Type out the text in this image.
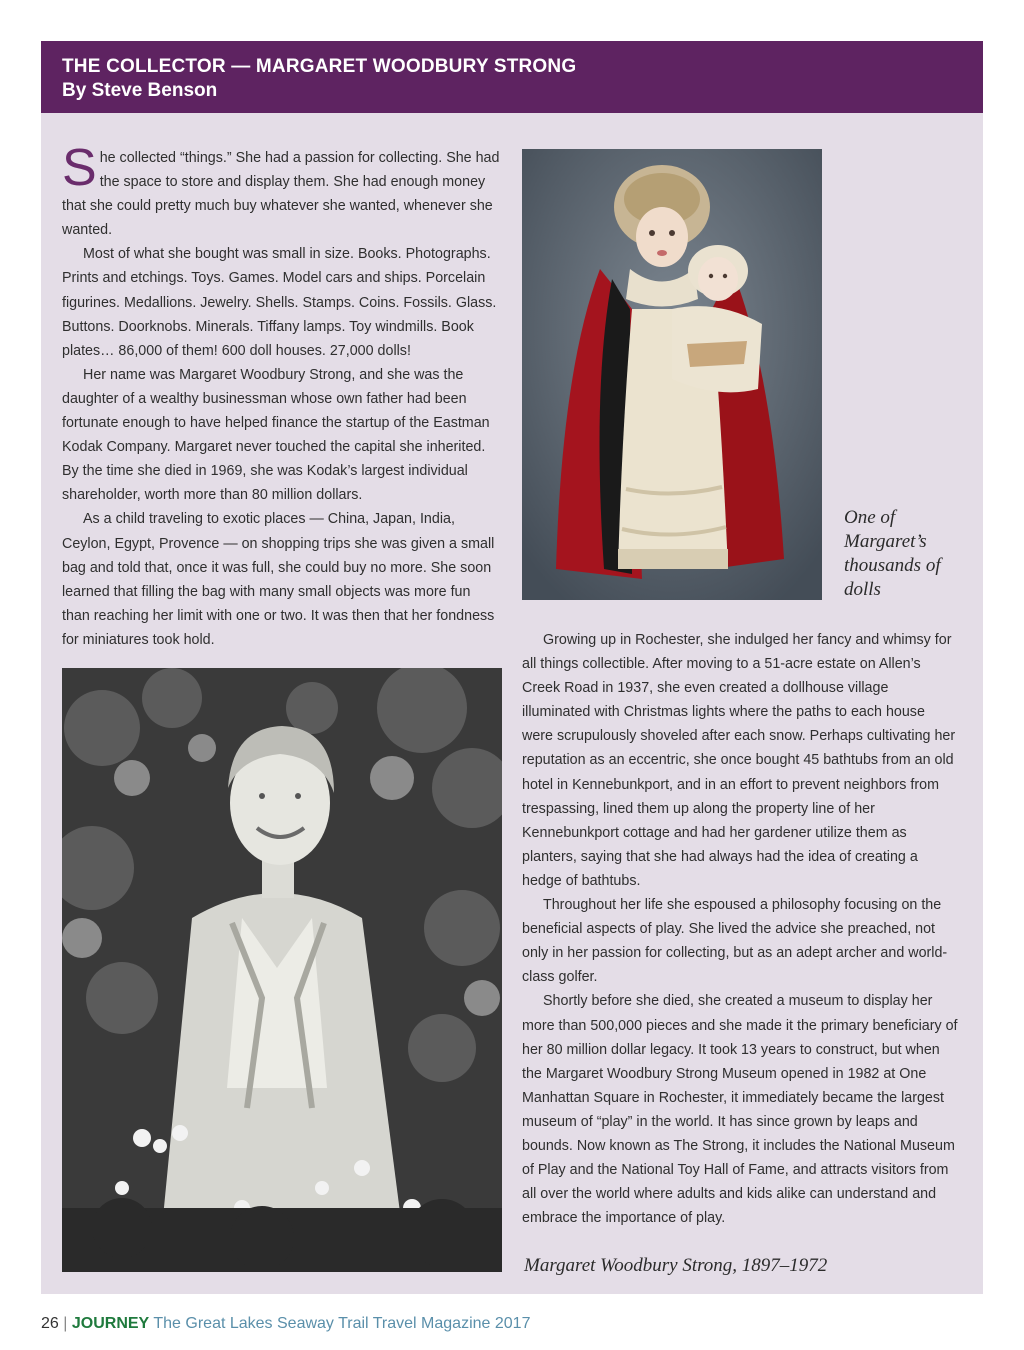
THE COLLECTOR — MARGARET WOODBURY STRONG
By Steve Benson

She collected “things.” She had a passion for collecting. She had the space to store and display them. She had enough money that she could pretty much buy whatever she wanted, whenever she wanted.

Most of what she bought was small in size. Books. Photographs. Prints and etchings. Toys. Games. Model cars and ships. Porcelain figurines. Medallions. Jewelry. Shells. Stamps. Coins. Fossils. Glass. Buttons. Doorknobs. Minerals. Tiffany lamps. Toy windmills. Book plates… 86,000 of them! 600 doll houses. 27,000 dolls!

Her name was Margaret Woodbury Strong, and she was the daughter of a wealthy businessman whose own father had been fortunate enough to have helped finance the startup of the Eastman Kodak Company. Margaret never touched the capital she inherited. By the time she died in 1969, she was Kodak’s largest individual shareholder, worth more than 80 million dollars.

As a child traveling to exotic places — China, Japan, India, Ceylon, Egypt, Provence — on shopping trips she was given a small bag and told that, once it was full, she could buy no more. She soon learned that filling the bag with many small objects was more fun than reaching her limit with one or two. It was then that her fondness for miniatures took hold.

One of Margaret’s thousands of dolls

Growing up in Rochester, she indulged her fancy and whimsy for all things collectible. After moving to a 51-acre estate on Allen’s Creek Road in 1937, she even created a dollhouse village illuminated with Christmas lights where the paths to each house were scrupulously shoveled after each snow. Perhaps cultivating her reputation as an eccentric, she once bought 45 bathtubs from an old hotel in Kennebunkport, and in an effort to prevent neighbors from trespassing, lined them up along the property line of her Kennebunkport cottage and had her gardener utilize them as planters, saying that she had always had the idea of creating a hedge of bathtubs.

Throughout her life she espoused a philosophy focusing on the beneficial aspects of play. She lived the advice she preached, not only in her passion for collecting, but as an adept archer and world-class golfer.

Shortly before she died, she created a museum to display her more than 500,000 pieces and she made it the primary beneficiary of her 80 million dollar legacy. It took 13 years to construct, but when the Margaret Woodbury Strong Museum opened in 1982 at One Manhattan Square in Rochester, it immediately became the largest museum of “play” in the world. It has since grown by leaps and bounds. Now known as The Strong, it includes the National Museum of Play and the National Toy Hall of Fame, and attracts visitors from all over the world where adults and kids alike can understand and embrace the importance of play.

Margaret Woodbury Strong, 1897–1972
26 | JOURNEY The Great Lakes Seaway Trail Travel Magazine 2017
